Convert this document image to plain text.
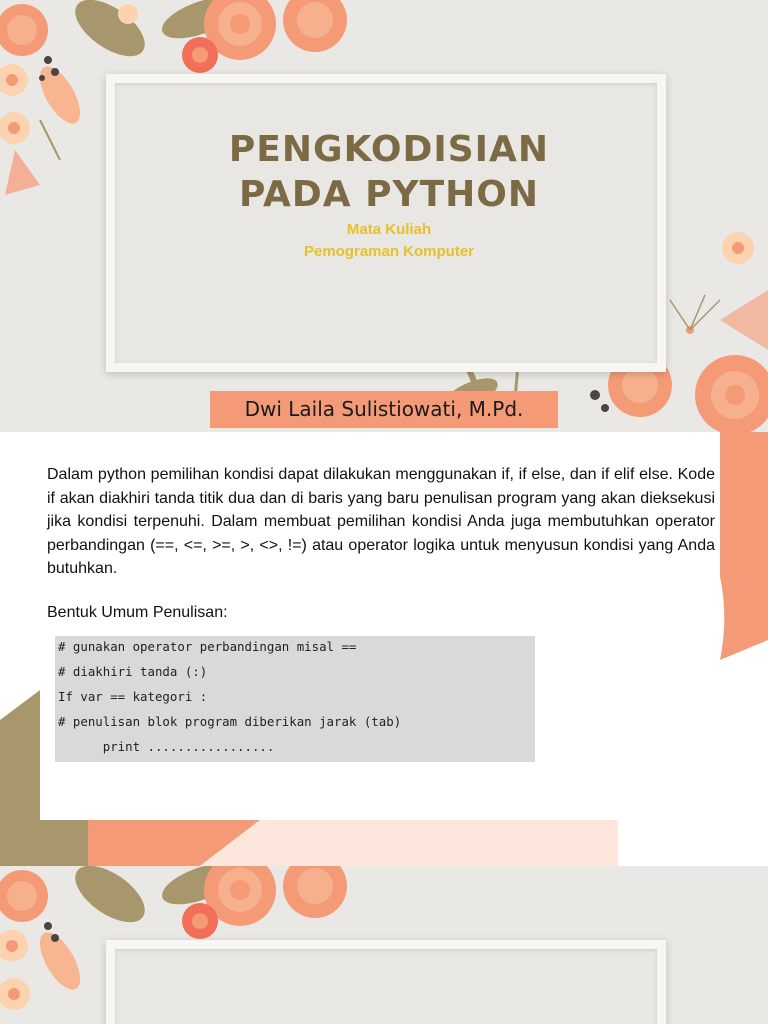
PENGKODISIAN
PADA PYTHON
Mata Kuliah
Pemograman Komputer
Dwi Laila Sulistiowati, M.Pd.

Dalam python pemilihan kondisi dapat dilakukan menggunakan if, if else, dan if elif else. Kode if akan diakhiri tanda titik dua dan di baris yang baru penulisan program yang akan dieksekusi jika kondisi terpenuhi. Dalam membuat pemilihan kondisi Anda juga membutuhkan operator perbandingan (==, <=, >=, >, <>, !=) atau operator logika untuk menyusun kondisi yang Anda butuhkan.

Bentuk Umum Penulisan:
# gunakan operator perbandingan misal ==
# diakhiri tanda (:)
If var == kategori :
# penulisan blok program diberikan jarak (tab)
print .................
